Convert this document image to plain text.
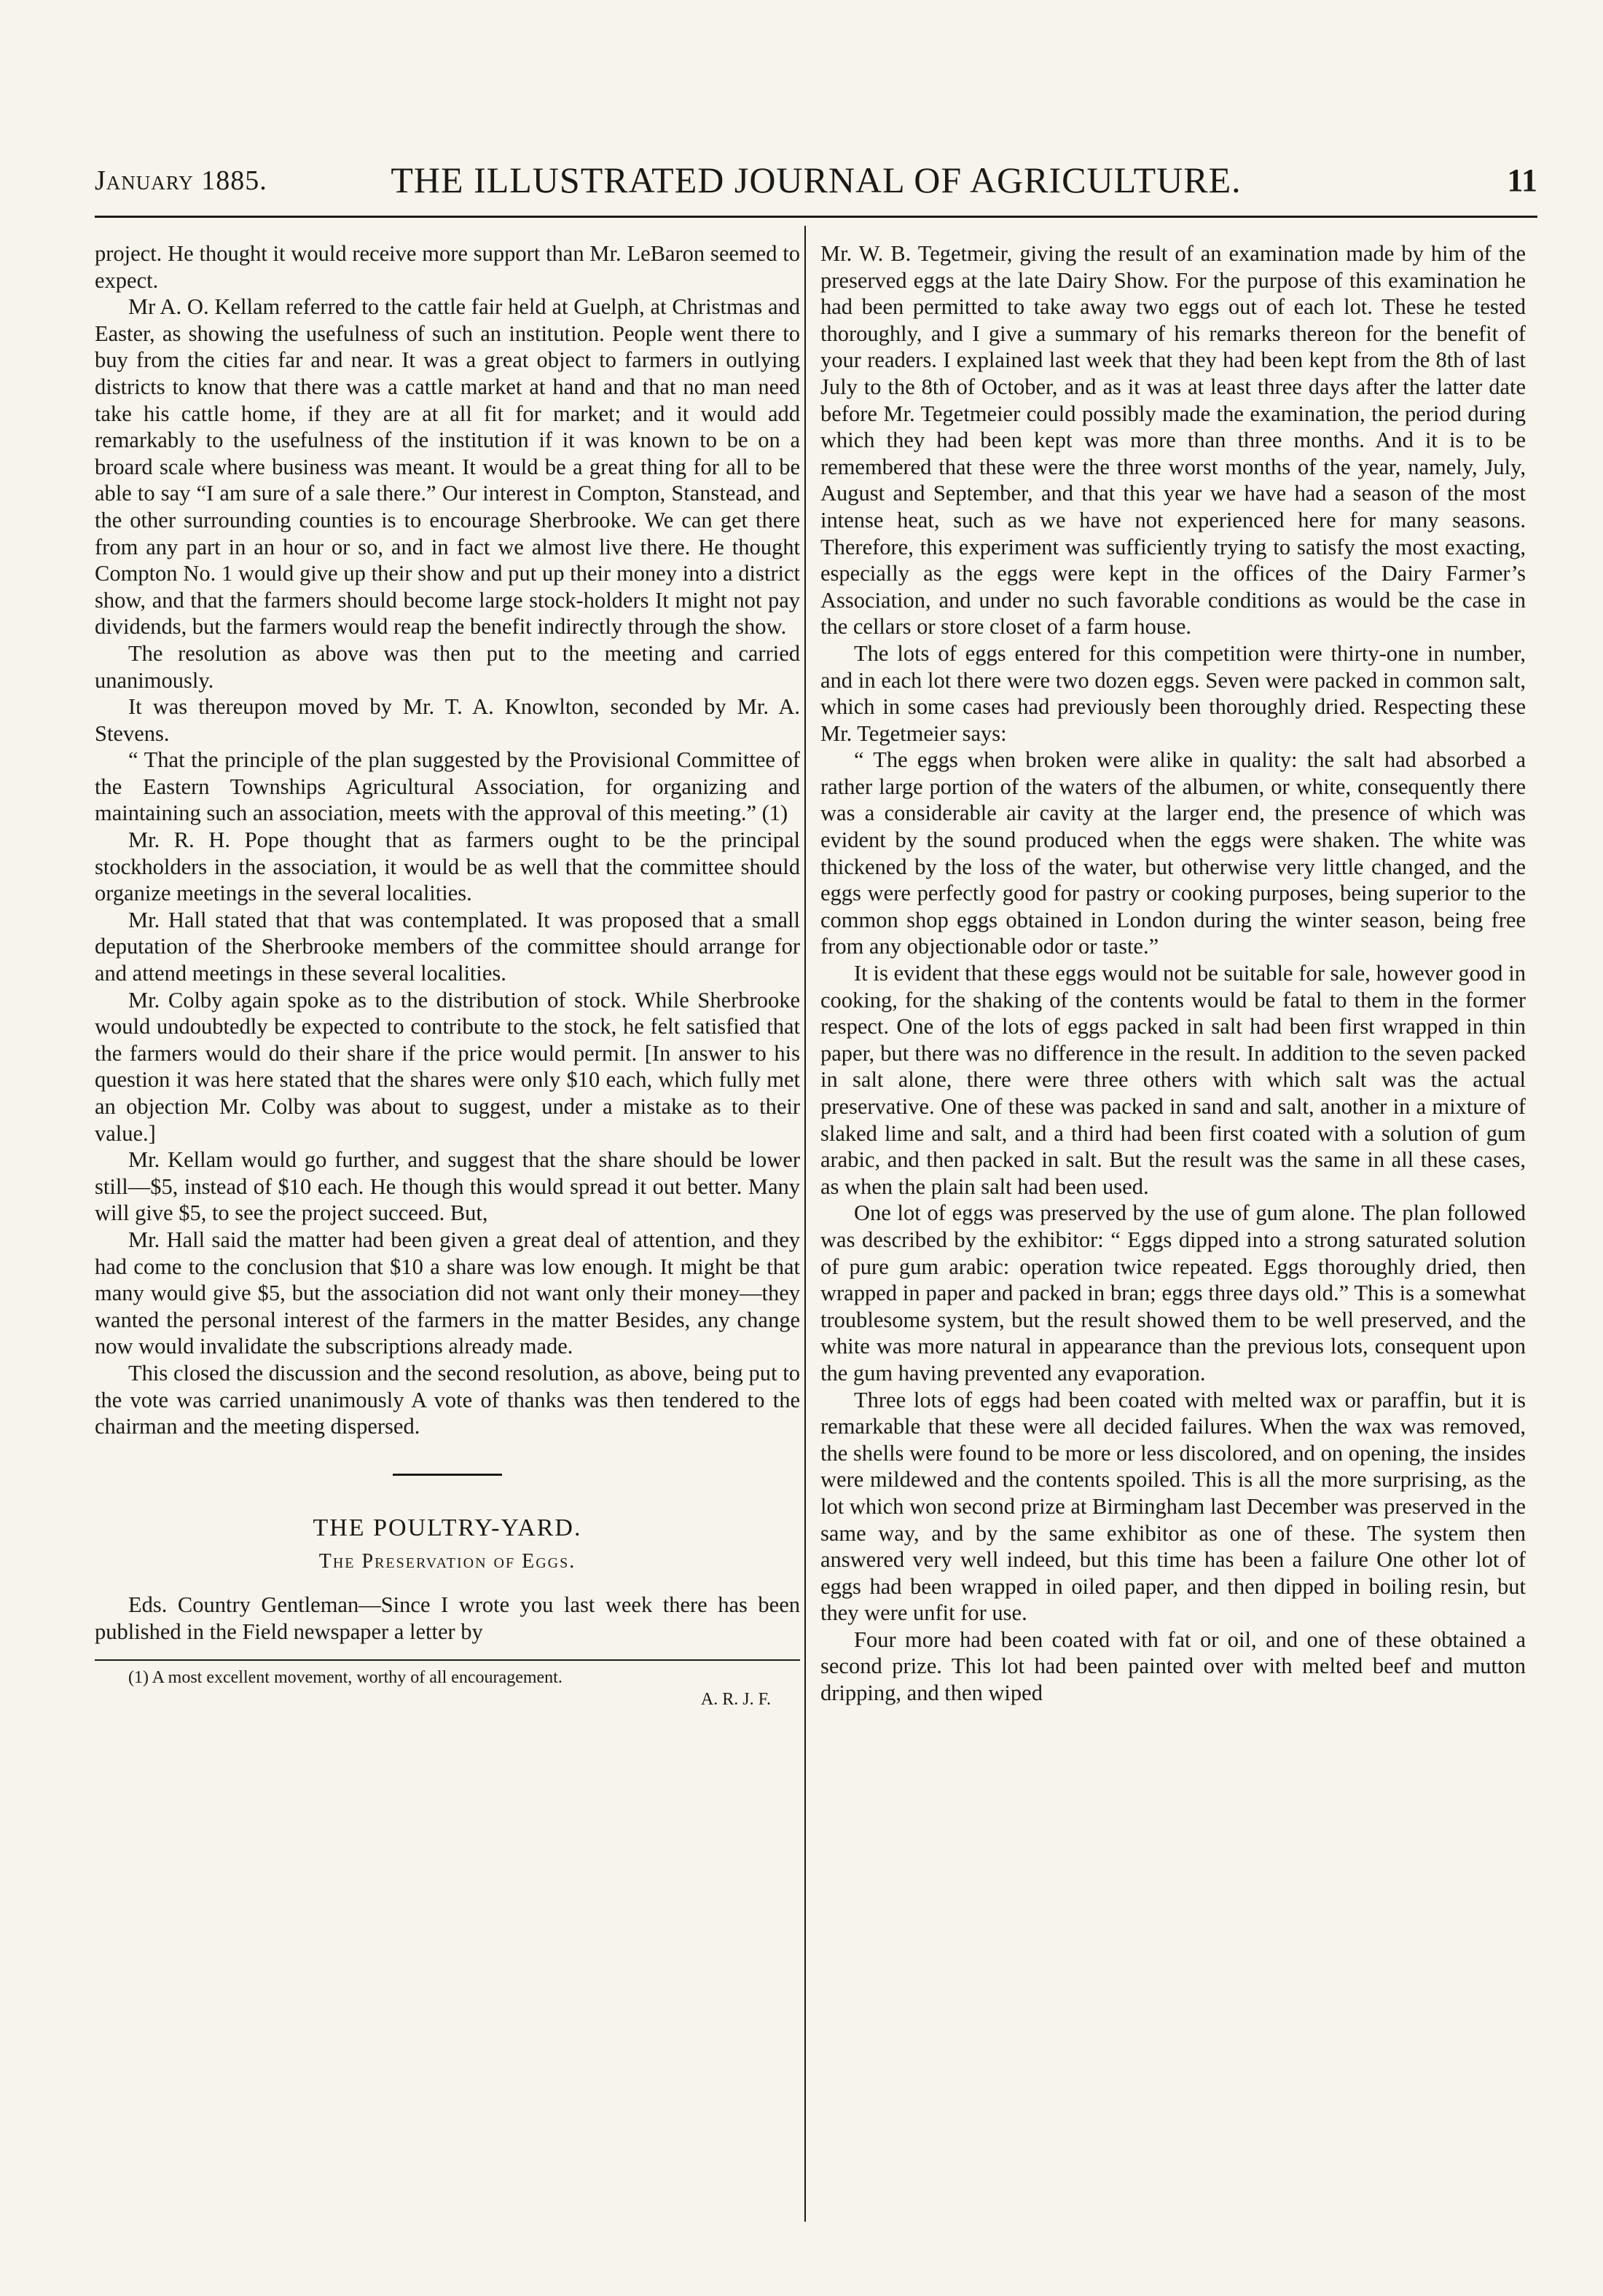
January 1885.	THE ILLUSTRATED JOURNAL OF AGRICULTURE.	11

project. He thought it would receive more support than Mr. LeBaron seemed to expect.

Mr A. O. Kellam referred to the cattle fair held at Guelph, at Christmas and Easter, as showing the usefulness of such an institution. People went there to buy from the cities far and near. It was a great object to farmers in outlying districts to know that there was a cattle market at hand and that no man need take his cattle home, if they are at all fit for market; and it would add remarkably to the usefulness of the institution if it was known to be on a broard scale where business was meant. It would be a great thing for all to be able to say “I am sure of a sale there.” Our interest in Compton, Stanstead, and the other surrounding counties is to encourage Sherbrooke. We can get there from any part in an hour or so, and in fact we almost live there. He thought Compton No. 1 would give up their show and put up their money into a district show, and that the farmers should become large stock-holders It might not pay dividends, but the farmers would reap the benefit indirectly through the show.

The resolution as above was then put to the meeting and carried unanimously.

It was thereupon moved by Mr. T. A. Knowlton, seconded by Mr. A. Stevens.

“ That the principle of the plan suggested by the Provisional Committee of the Eastern Townships Agricultural Association, for organizing and maintaining such an association, meets with the approval of this meeting.” (1)

Mr. R. H. Pope thought that as farmers ought to be the principal stockholders in the association, it would be as well that the committee should organize meetings in the several localities.

Mr. Hall stated that that was contemplated. It was proposed that a small deputation of the Sherbrooke members of the committee should arrange for and attend meetings in these several localities.

Mr. Colby again spoke as to the distribution of stock. While Sherbrooke would undoubtedly be expected to contribute to the stock, he felt satisfied that the farmers would do their share if the price would permit. [In answer to his question it was here stated that the shares were only $10 each, which fully met an objection Mr. Colby was about to suggest, under a mistake as to their value.]

Mr. Kellam would go further, and suggest that the share should be lower still—$5, instead of $10 each. He though this would spread it out better. Many will give $5, to see the project succeed. But,

Mr. Hall said the matter had been given a great deal of attention, and they had come to the conclusion that $10 a share was low enough. It might be that many would give $5, but the association did not want only their money—they wanted the personal interest of the farmers in the matter Besides, any change now would invalidate the subscriptions already made.

This closed the discussion and the second resolution, as above, being put to the vote was carried unanimously A vote of thanks was then tendered to the chairman and the meeting dispersed.

THE POULTRY-YARD.
The Preservation of Eggs.

Eds. Country Gentleman—Since I wrote you last week there has been published in the Field newspaper a letter by

(1) A most excellent movement, worthy of all encouragement.

A. R. J. F.

Mr. W. B. Tegetmeir, giving the result of an examination made by him of the preserved eggs at the late Dairy Show. For the purpose of this examination he had been permitted to take away two eggs out of each lot. These he tested thoroughly, and I give a summary of his remarks thereon for the benefit of your readers. I explained last week that they had been kept from the 8th of last July to the 8th of October, and as it was at least three days after the latter date before Mr. Tegetmeier could possibly made the examination, the period during which they had been kept was more than three months. And it is to be remembered that these were the three worst months of the year, namely, July, August and September, and that this year we have had a season of the most intense heat, such as we have not experienced here for many seasons. Therefore, this experiment was sufficiently trying to satisfy the most exacting, especially as the eggs were kept in the offices of the Dairy Farmer’s Association, and under no such favorable conditions as would be the case in the cellars or store closet of a farm house.

The lots of eggs entered for this competition were thirty-one in number, and in each lot there were two dozen eggs. Seven were packed in common salt, which in some cases had previously been thoroughly dried. Respecting these Mr. Tegetmeier says:

“ The eggs when broken were alike in quality: the salt had absorbed a rather large portion of the waters of the albumen, or white, consequently there was a considerable air cavity at the larger end, the presence of which was evident by the sound produced when the eggs were shaken. The white was thickened by the loss of the water, but otherwise very little changed, and the eggs were perfectly good for pastry or cooking purposes, being superior to the common shop eggs obtained in London during the winter season, being free from any objectionable odor or taste.”

It is evident that these eggs would not be suitable for sale, however good in cooking, for the shaking of the contents would be fatal to them in the former respect. One of the lots of eggs packed in salt had been first wrapped in thin paper, but there was no difference in the result. In addition to the seven packed in salt alone, there were three others with which salt was the actual preservative. One of these was packed in sand and salt, another in a mixture of slaked lime and salt, and a third had been first coated with a solution of gum arabic, and then packed in salt. But the result was the same in all these cases, as when the plain salt had been used.

One lot of eggs was preserved by the use of gum alone. The plan followed was described by the exhibitor: “ Eggs dipped into a strong saturated solution of pure gum arabic: operation twice repeated. Eggs thoroughly dried, then wrapped in paper and packed in bran; eggs three days old.” This is a somewhat troublesome system, but the result showed them to be well preserved, and the white was more natural in appearance than the previous lots, consequent upon the gum having prevented any evaporation.

Three lots of eggs had been coated with melted wax or paraffin, but it is remarkable that these were all decided failures. When the wax was removed, the shells were found to be more or less discolored, and on opening, the insides were mildewed and the contents spoiled. This is all the more surprising, as the lot which won second prize at Birmingham last December was preserved in the same way, and by the same exhibitor as one of these. The system then answered very well indeed, but this time has been a failure One other lot of eggs had been wrapped in oiled paper, and then dipped in boiling resin, but they were unfit for use.

Four more had been coated with fat or oil, and one of these obtained a second prize. This lot had been painted over with melted beef and mutton dripping, and then wiped
